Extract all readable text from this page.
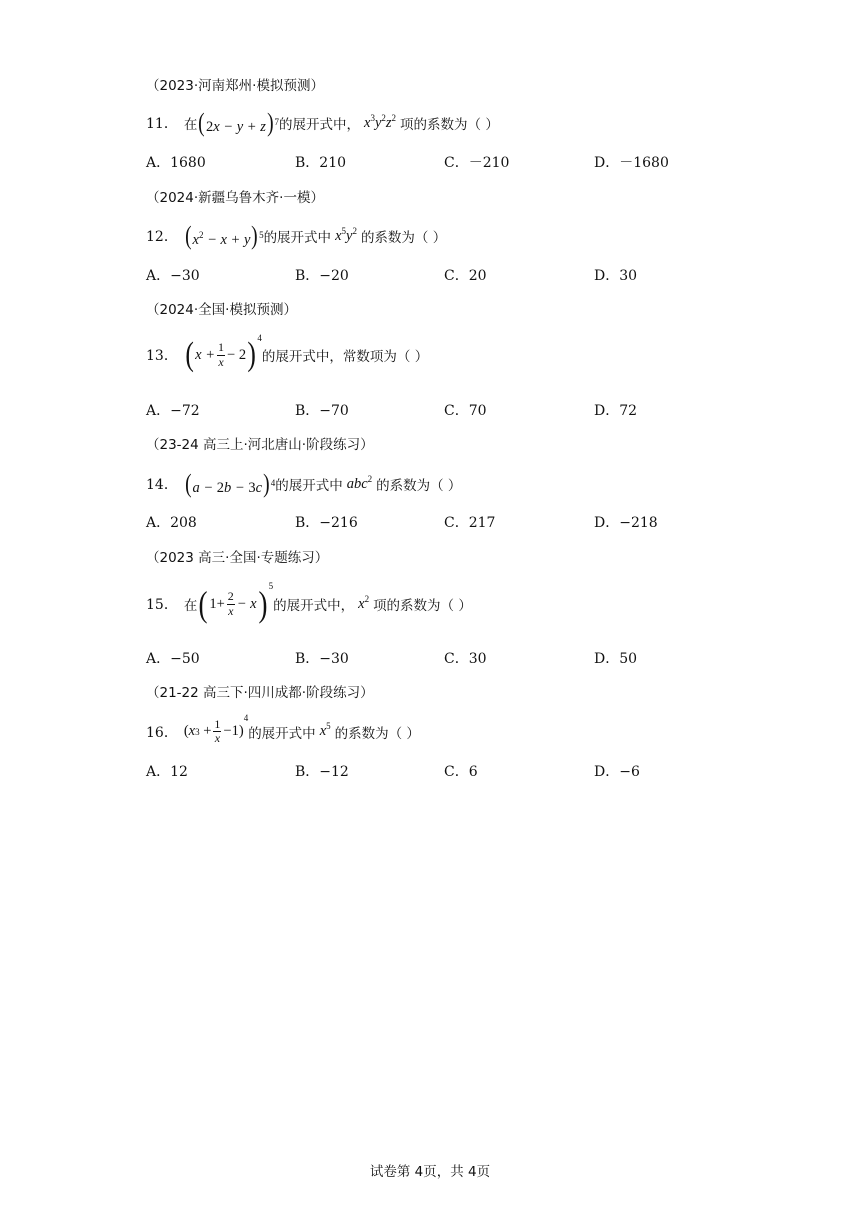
（2023·河南郑州·模拟预测）
11． 在 $(2x - y + z)^7$ 的展开式中， $x^3y^2z^2$ 项的系数为（ ）
A．1680	B．210	C．－210	D．－1680
（2024·新疆乌鲁木齐·一模）
12． $(x^2 - x + y)^5$ 的展开式中 $x^5y^2$ 的系数为（ ）
A．−30	B．−20	C．20	D．30
（2024·全国·模拟预测）
13． ( $x + \frac{1}{x} - 2$ ) 4
的展开式中，常数项为（ ）
A．−72	B．−70	C．70	D．72
（23-24 高三上·河北唐山·阶段练习）
14． $(a - 2b - 3c)^4$ 的展开式中 abc$^2$ 的系数为（ ）
A．208	B．−216	C．217	D．−218
（2023 高三·全国·专题练习）
15． 在 ( $1+ \frac{2}{x} - x$ ) 5
的展开式中， $x^2$ 项的系数为（ ）
A．−50	B．−30	C．30	D．50
（21-22 高三下·四川成都·阶段练习）
16． ( x $3 + \frac{1}{x} -1$)
4
的展开式中 $x^5$ 的系数为（ ）
A．12	B．−12	C．6	D．−6
试卷第 4页，共 4页
